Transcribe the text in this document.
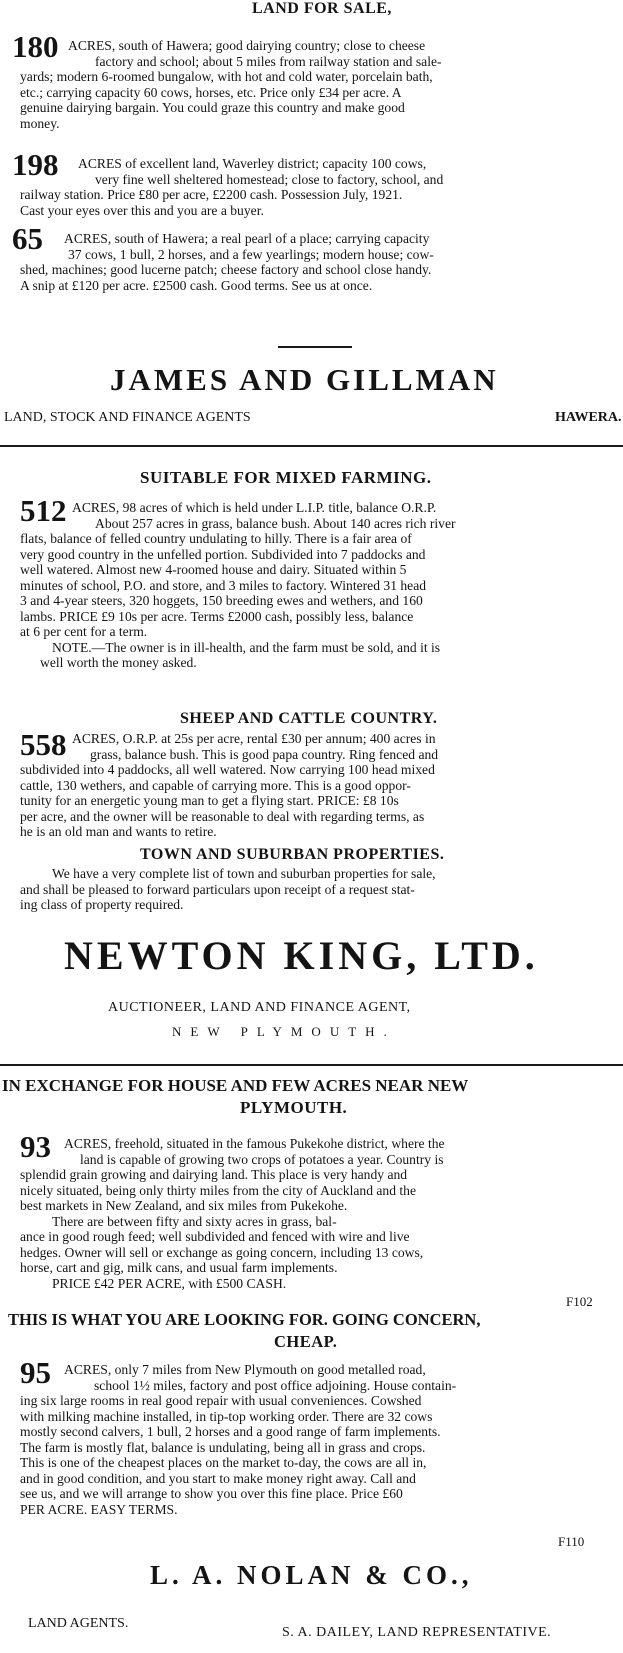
LAND FOR SALE,
180 ACRES, south of Hawera; good dairying country; close to cheese

factory and school; about 5 miles from railway station and sale-

yards; modern 6-roomed bungalow, with hot and cold water, porcelain bath,

etc.; carrying capacity 60 cows, horses, etc. Price only £34 per acre. A

genuine dairying bargain. You could graze this country and make good

money.

198	ACRES of excellent land, Waverley district; capacity 100 cows,

very fine well sheltered homestead; close to factory, school, and

railway station. Price £80 per acre, £2200 cash. Possession July, 1921.

Cast your eyes over this and you are a buyer.

65	ACRES, south of Hawera; a real pearl of a place; carrying capacity

37 cows, 1 bull, 2 horses, and a few yearlings; modern house; cow-

shed, machines; good lucerne patch; cheese factory and school close handy.

A snip at £120 per acre. £2500 cash. Good terms. See us at once.

JAMES AND GILLMAN
LAND, STOCK AND FINANCE AGENTS	HAWERA.
SUITABLE FOR MIXED FARMING.
512 ACRES, 98 acres of which is held under L.I.P. title, balance O.R.P.

About 257 acres in grass, balance bush. About 140 acres rich river

flats, balance of felled country undulating to hilly. There is a fair area of

very good country in the unfelled portion. Subdivided into 7 paddocks and

well watered. Almost new 4-roomed house and dairy. Situated within 5

minutes of school, P.O. and store, and 3 miles to factory. Wintered 31 head

3 and 4-year steers, 320 hoggets, 150 breeding ewes and wethers, and 160

lambs. PRICE £9 10s per acre. Terms £2000 cash, possibly less, balance

at 6 per cent for a term.

NOTE.—The owner is in ill-health, and the farm must be sold, and it is

well worth the money asked.

SHEEP AND CATTLE COUNTRY.
558 ACRES, O.R.P. at 25s per acre, rental £30 per annum; 400 acres in

grass, balance bush. This is good papa country. Ring fenced and

subdivided into 4 paddocks, all well watered. Now carrying 100 head mixed

cattle, 130 wethers, and capable of carrying more. This is a good oppor-

tunity for an energetic young man to get a flying start. PRICE: £8 10s

per acre, and the owner will be reasonable to deal with regarding terms, as

he is an old man and wants to retire.

TOWN AND SUBURBAN PROPERTIES.

We have a very complete list of town and suburban properties for sale,

and shall be pleased to forward particulars upon receipt of a request stat-

ing class of property required.

NEWTON KING, LTD.
AUCTIONEER, LAND AND FINANCE AGENT,
NEW PLYMOUTH.
IN EXCHANGE FOR HOUSE AND FEW ACRES NEAR NEW
PLYMOUTH.
93 ACRES, freehold, situated in the famous Pukekohe district, where the

land is capable of growing two crops of potatoes a year. Country is

splendid grain growing and dairying land. This place is very handy and

nicely situated, being only thirty miles from the city of Auckland and the

best markets in New Zealand, and six miles from Pukekohe.

There are between fifty and sixty acres in grass, bal-

ance in good rough feed; well subdivided and fenced with wire and live

hedges. Owner will sell or exchange as going concern, including 13 cows,

horse, cart and gig, milk cans, and usual farm implements.

PRICE £42 PER ACRE, with £500 CASH.

F102
THIS IS WHAT YOU ARE LOOKING FOR. GOING CONCERN,
CHEAP.
95 ACRES, only 7 miles from New Plymouth on good metalled road,

school 1½ miles, factory and post office adjoining. House contain-

ing six large rooms in real good repair with usual conveniences. Cowshed

with milking machine installed, in tip-top working order. There are 32 cows

mostly second calvers, 1 bull, 2 horses and a good range of farm implements.

The farm is mostly flat, balance is undulating, being all in grass and crops.

This is one of the cheapest places on the market to-day, the cows are all in,

and in good condition, and you start to make money right away. Call and

see us, and we will arrange to show you over this fine place. Price £60

PER ACRE. EASY TERMS.

F110
L. A. NOLAN & CO.,
LAND AGENTS.
S. A. DAILEY, LAND REPRESENTATIVE.
